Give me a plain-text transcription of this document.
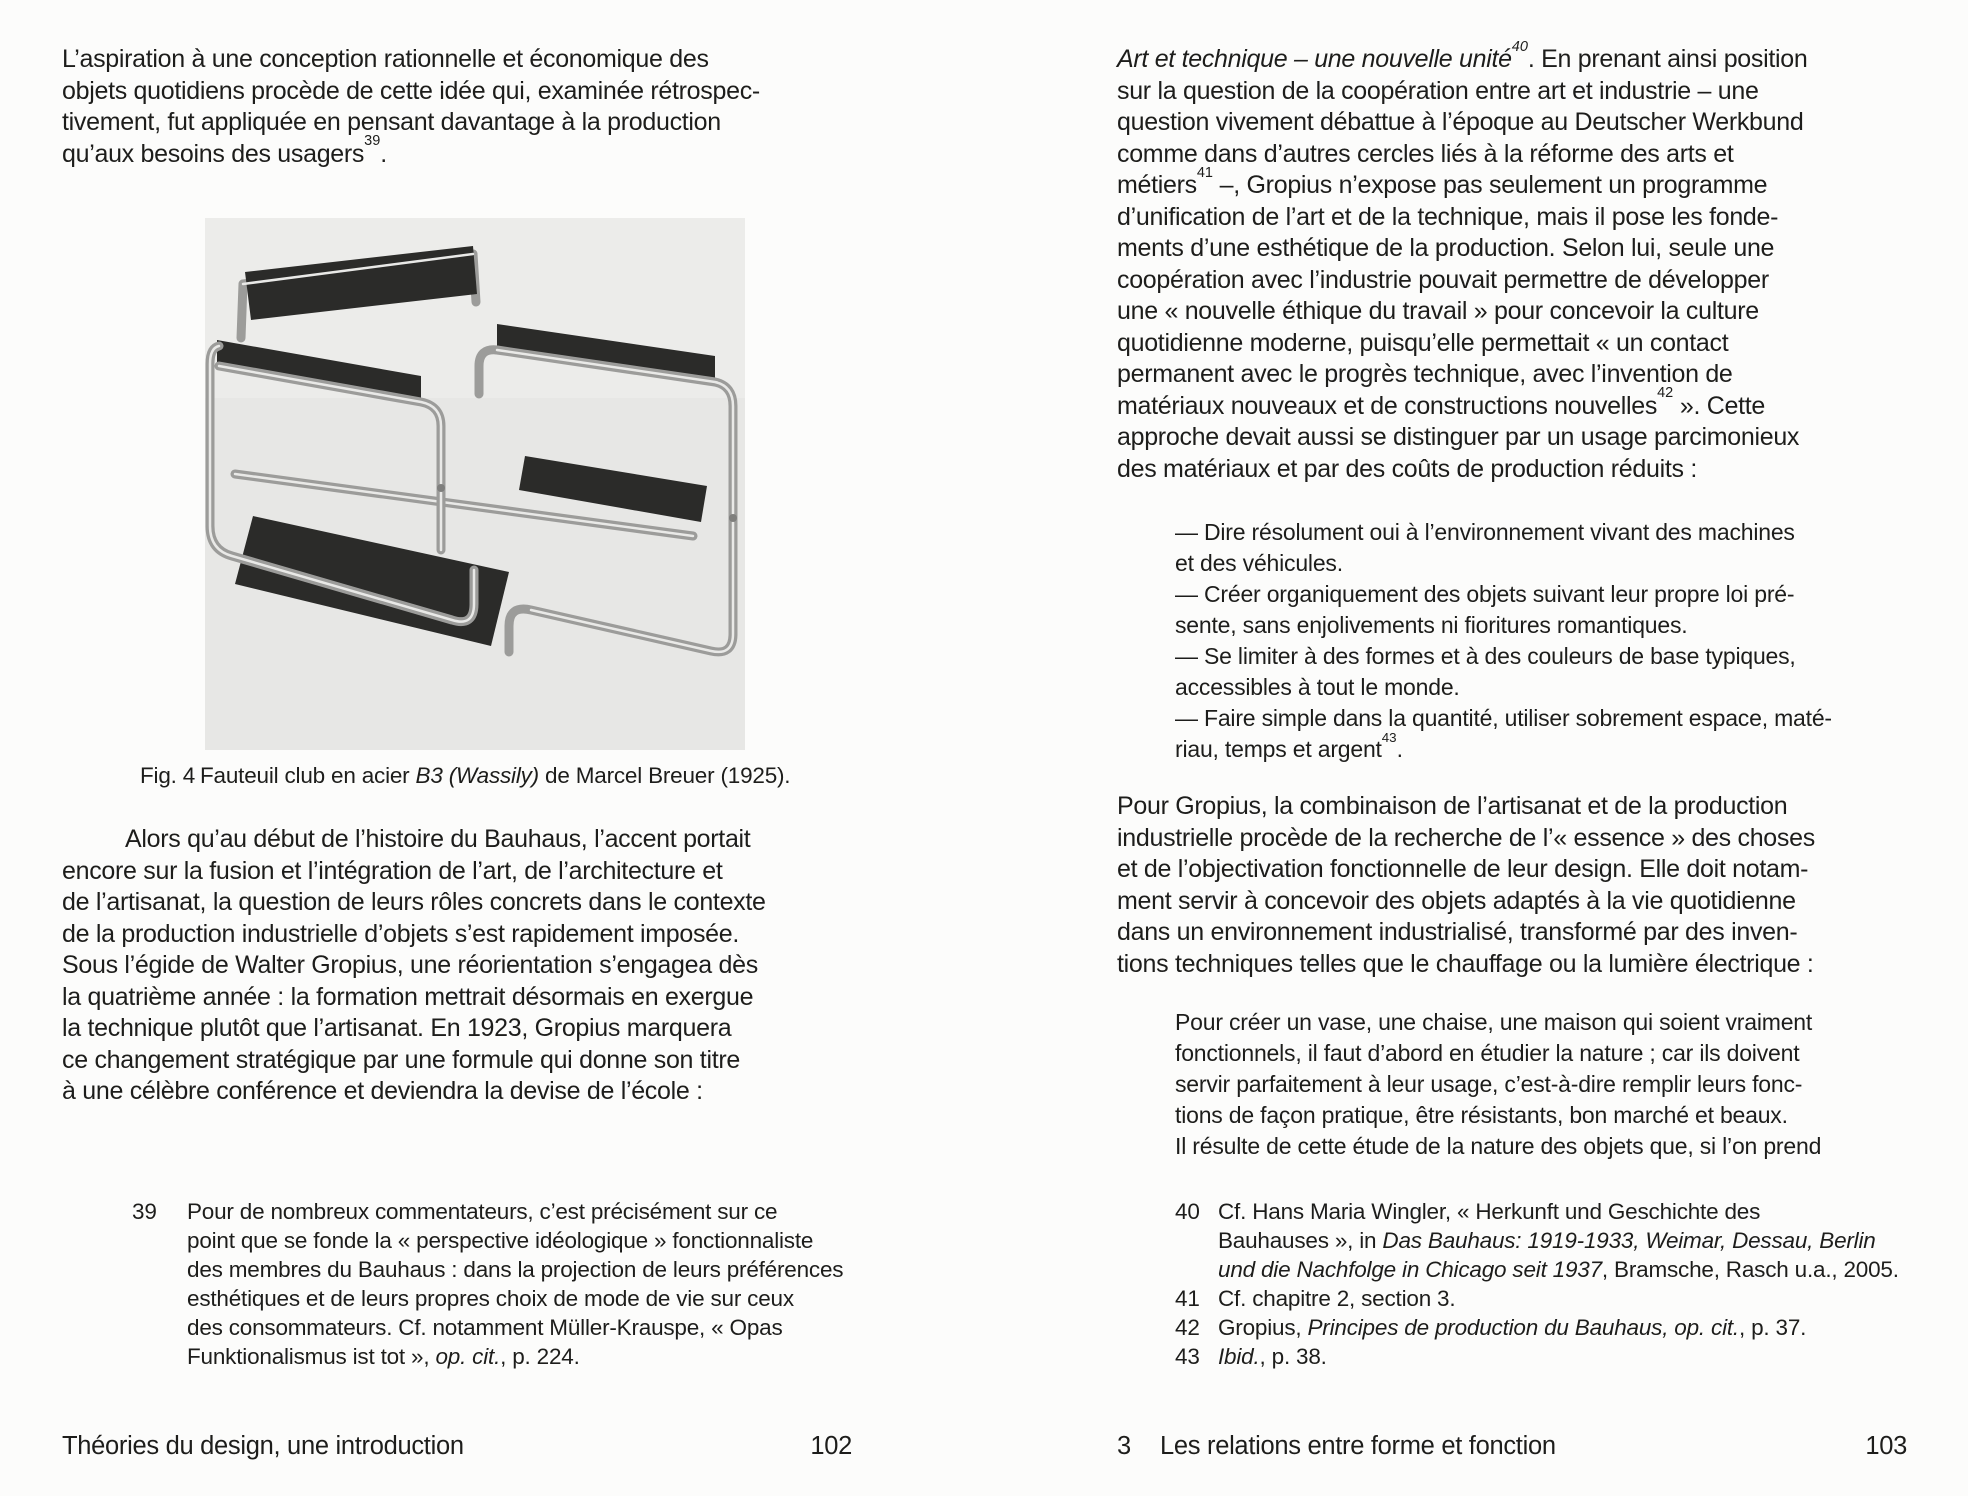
L’aspiration à une conception rationnelle et économique des
objets quotidiens procède de cette idée qui, examinée rétrospec-
tivement, fut appliquée en pensant davantage à la production
qu’aux besoins des usagers$^{39}$.

Fig. 4 Fauteuil club en acier B3 (Wassily) de Marcel Breuer (1925).

Alors qu’au début de l’histoire du Bauhaus, l’accent portait
encore sur la fusion et l’intégration de l’art, de l’architecture et
de l’artisanat, la question de leurs rôles concrets dans le contexte
de la production industrielle d’objets s’est rapidement imposée.
Sous l’égide de Walter Gropius, une réorientation s’engagea dès
la quatrième année : la formation mettrait désormais en exergue
la technique plutôt que l’artisanat. En 1923, Gropius marquera
ce changement stratégique par une formule qui donne son titre
à une célèbre conférence et deviendra la devise de l’école :

39	Pour de nombreux commentateurs, c’est précisément sur ce
point que se fonde la « perspective idéologique » fonctionnaliste
des membres du Bauhaus : dans la projection de leurs préférences
esthétiques et de leurs propres choix de mode de vie sur ceux
des consommateurs. Cf. notamment Müller-Krauspe, « Opas
Funktionalismus ist tot », op. cit., p. 224.
Théories du design, une introduction	102

Art et technique – une nouvelle unité$^{40}$. En prenant ainsi position
sur la question de la coopération entre art et industrie – une
question vivement débattue à l’époque au Deutscher Werkbund
comme dans d’autres cercles liés à la réforme des arts et
métiers$^{41}$ –, Gropius n’expose pas seulement un programme
d’unification de l’art et de la technique, mais il pose les fonde-
ments d’une esthétique de la production. Selon lui, seule une
coopération avec l’industrie pouvait permettre de développer
une « nouvelle éthique du travail » pour concevoir la culture
quotidienne moderne, puisqu’elle permettait « un contact
permanent avec le progrès technique, avec l’invention de
matériaux nouveaux et de constructions nouvelles$^{42}$ ». Cette
approche devait aussi se distinguer par un usage parcimonieux
des matériaux et par des coûts de production réduits :

— Dire résolument oui à l’environnement vivant des machines
et des véhicules.
— Créer organiquement des objets suivant leur propre loi pré-
sente, sans enjolivements ni fioritures romantiques.
— Se limiter à des formes et à des couleurs de base typiques,
accessibles à tout le monde.
— Faire simple dans la quantité, utiliser sobrement espace, maté-
riau, temps et argent$^{43}$.

Pour Gropius, la combinaison de l’artisanat et de la production
industrielle procède de la recherche de l’« essence » des choses
et de l’objectivation fonctionnelle de leur design. Elle doit notam-
ment servir à concevoir des objets adaptés à la vie quotidienne
dans un environnement industrialisé, transformé par des inven-
tions techniques telles que le chauffage ou la lumière électrique :

Pour créer un vase, une chaise, une maison qui soient vraiment
fonctionnels, il faut d’abord en étudier la nature ; car ils doivent
servir parfaitement à leur usage, c’est-à-dire remplir leurs fonc-
tions de façon pratique, être résistants, bon marché et beaux.
Il résulte de cette étude de la nature des objets que, si l’on prend
40 Cf. Hans Maria Wingler, « Herkunft und Geschichte des
Bauhauses », in Das Bauhaus: 1919-1933, Weimar, Dessau, Berlin
und die Nachfolge in Chicago seit 1937, Bramsche, Rasch u.a., 2005.
41 Cf. chapitre 2, section 3.
42 Gropius, Principes de production du Bauhaus, op. cit., p. 37.
43 Ibid., p. 38.
3	Les relations entre forme et fonction	103
